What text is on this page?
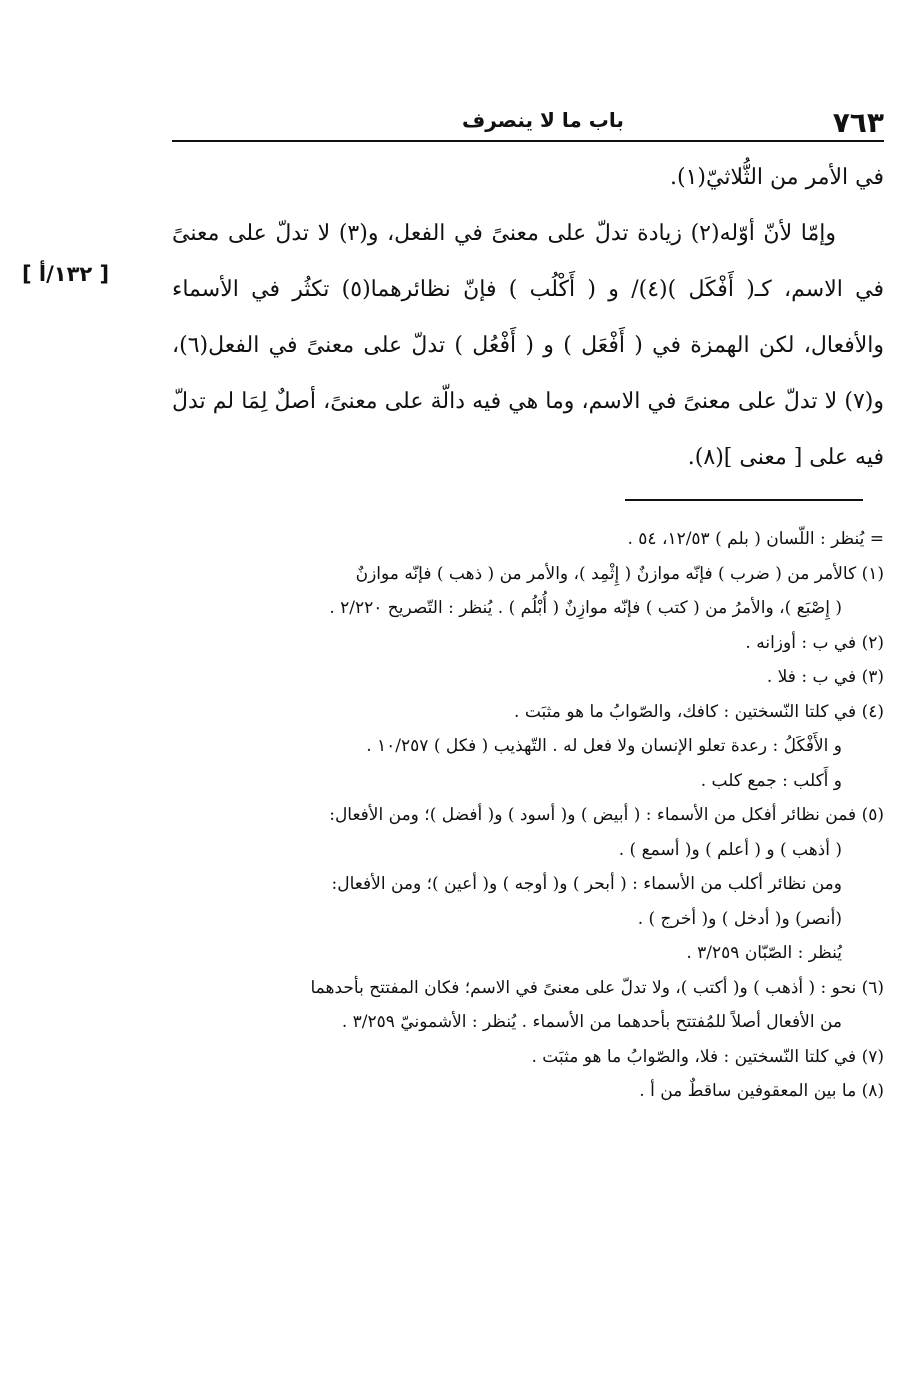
٧٦٣
باب ما لا ينصرف
[ ١٣٢/أ ]

في الأمر من الثُّلاثيّ(١).

وإمّا لأنّ أوّله(٢) زيادة تدلّ على معنىً في الفعل، و(٣) لا تدلّ على معنىً في الاسم، كـ( أَفْكَل )(٤)/ و ( أَكْلُب ) فإنّ نظائرهما(٥) تكثُر في الأسماء والأفعال، لكن الهمزة في ( أَفْعَل ) و ( أَفْعُل ) تدلّ على معنىً في الفعل(٦)، و(٧) لا تدلّ على معنىً في الاسم، وما هي فيه دالّة على معنىً، أصلٌ لِمَا لم تدلّ فيه على [ معنى ](٨).

= يُنظر : اللّسان ( بلم ) ١٢/٥٣، ٥٤ .

(١) كالأمر من ( ضرب ) فإنّه موازنٌ ( إِثْمِد )، والأمر من ( ذهب ) فإنّه موازنٌ

( إِصْبَع )، والأمرُ من ( كتب ) فإنّه موازِنٌ ( أُبْلُم ) . يُنظر : التّصريح ٢/٢٢٠ .

(٢) في ب : أوزانه .

(٣) في ب : فلا .

(٤) في كلتا النّسختين : كافك، والصّوابُ ما هو مثبَت .

و الأَفْكَلُ : رعدة تعلو الإنسان ولا فعل له . التّهذيب ( فكل ) ١٠/٢٥٧ .

و أَكلب : جمع كلب .

(٥) فمن نظائر أفكل من الأسماء : ( أبيض ) و( أسود ) و( أفضل )؛ ومن الأفعال:

( أذهب ) و ( أعلم ) و( أسمع ) .

ومن نظائر أكلب من الأسماء : ( أبحر ) و( أوجه ) و( أعين )؛ ومن الأفعال:

(أنصر) و( أدخل ) و( أخرج ) .

يُنظر : الصّبّان ٣/٢٥٩ .

(٦) نحو : ( أذهب ) و( أكتب )، ولا تدلّ على معنىً في الاسم؛ فكان المفتتح بأحدهما

من الأفعال أصلاً للمُفتتح بأحدهما من الأسماء . يُنظر : الأشمونيّ ٣/٢٥٩ .

(٧) في كلتا النّسختين : فلا، والصّوابُ ما هو مثبَت .

(٨) ما بين المعقوفين ساقطٌ من أ .
